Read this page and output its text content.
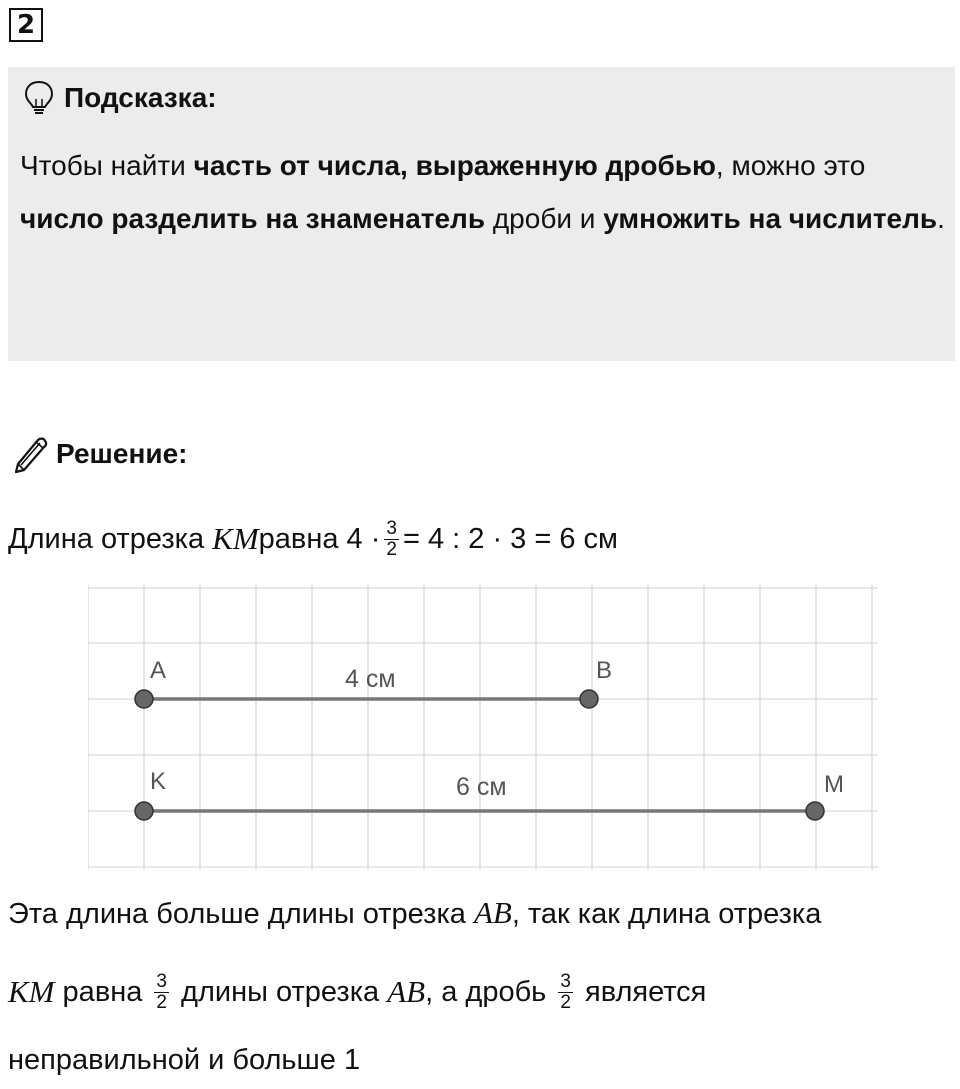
2
Подсказка:
Чтобы найти часть от числа, выраженную дробью, можно это число разделить на знаменатель дроби и умножить на числитель.
Решение:
Длина отрезка
KM равна $4 \cdot \frac{3}{2} = 4$ : 2 · 3 = 6 см
A	B
4 см
K	M
6 см
Эта длина больше длины отрезка AB, так как длина отрезка
KM равна $\frac{3}{2}$ длины отрезка AB , а дробь $\frac{3}{2}$ является
неправильной и больше 1
